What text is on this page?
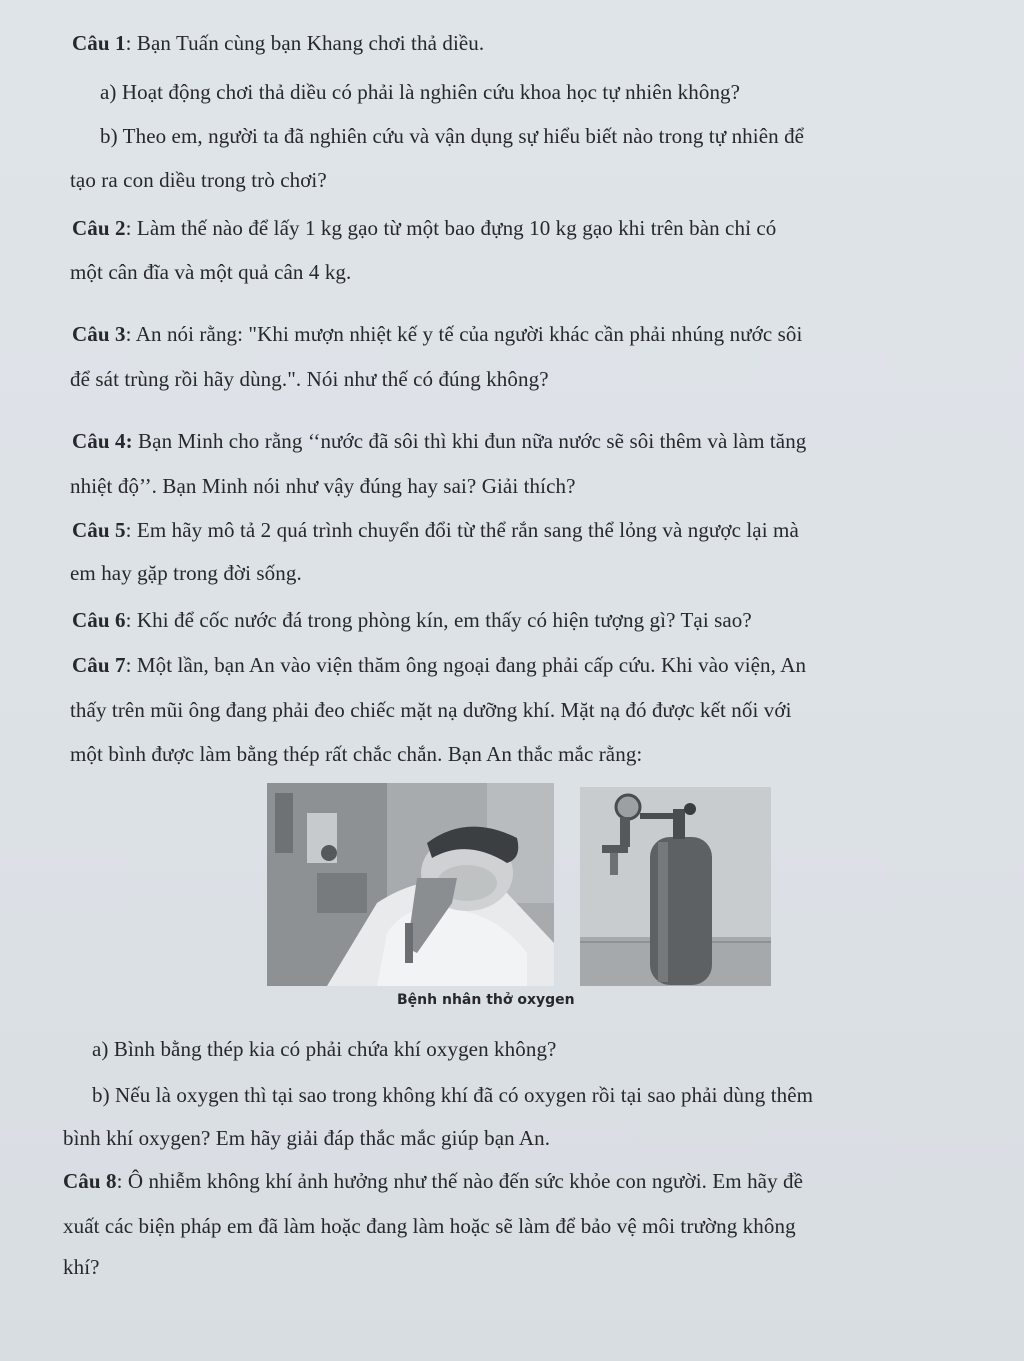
Câu 1: Bạn Tuấn cùng bạn Khang chơi thả diều.
a) Hoạt động chơi thả diều có phải là nghiên cứu khoa học tự nhiên không?
b) Theo em, người ta đã nghiên cứu và vận dụng sự hiểu biết nào trong tự nhiên để
tạo ra con diều trong trò chơi?
Câu 2: Làm thế nào để lấy 1 kg gạo từ một bao đựng 10 kg gạo khi trên bàn chỉ có
một cân đĩa và một quả cân 4 kg.
Câu 3: An nói rằng: "Khi mượn nhiệt kế y tế của người khác cần phải nhúng nước sôi
để sát trùng rồi hãy dùng.". Nói như thế có đúng không?
Câu 4: Bạn Minh cho rằng ‘‘nước đã sôi thì khi đun nữa nước sẽ sôi thêm và làm tăng
nhiệt độ’’. Bạn Minh nói như vậy đúng hay sai? Giải thích?
Câu 5: Em hãy mô tả 2 quá trình chuyển đổi từ thể rắn sang thể lỏng và ngược lại mà
em hay gặp trong đời sống.
Câu 6: Khi để cốc nước đá trong phòng kín, em thấy có hiện tượng gì? Tại sao?
Câu 7: Một lần, bạn An vào viện thăm ông ngoại đang phải cấp cứu. Khi vào viện, An
thấy trên mũi ông đang phải đeo chiếc mặt nạ dưỡng khí. Mặt nạ đó được kết nối với
một bình được làm bằng thép rất chắc chắn. Bạn An thắc mắc rằng:
Bệnh nhân thở oxygen
a) Bình bằng thép kia có phải chứa khí oxygen không?
b) Nếu là oxygen thì tại sao trong không khí đã có oxygen rồi tại sao phải dùng thêm
bình khí oxygen? Em hãy giải đáp thắc mắc giúp bạn An.
Câu 8: Ô nhiễm không khí ảnh hưởng như thế nào đến sức khỏe con người. Em hãy đề
xuất các biện pháp em đã làm hoặc đang làm hoặc sẽ làm để bảo vệ môi trường không
khí?
